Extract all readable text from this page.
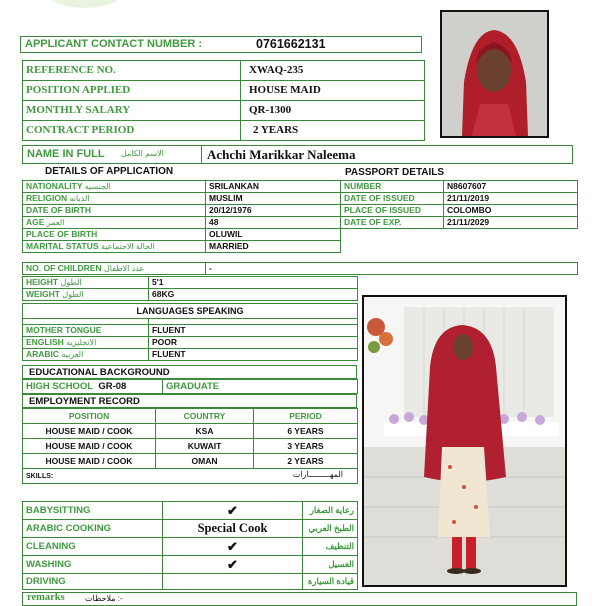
APPLICANT CONTACT NUMBER :	0761662131
REFERENCE NO.	XWAQ-235
POSITION APPLIED	HOUSE MAID
MONTHLY SALARY	QR-1300
CONTRACT PERIOD	2 YEARS
NAME IN FULL الاسم الكامل	Achchi Marikkar Naleema
DETAILS OF APPLICATION	PASSPORT DETAILS
NATIONALITY الجنسيه	SRILANKAN
RELIGION الديانه	MUSLIM
DATE OF BIRTH	20/12/1976
AGE العمر	48
PLACE OF BIRTH	OLUWIL
MARITAL STATUS الحالة الاجتماعية	MARRIED
NO. OF CHILDREN عدد الاطفال	-
HEIGHT الطول	5'1
WEIGHT الطول	68KG
NUMBER	N8607607
DATE OF ISSUED	21/11/2019
PLACE OF ISSUED	COLOMBO
DATE OF EXP.	21/11/2029
LANGUAGES SPEAKING	

MOTHER TONGUE	FLUENT
ENGLISH الانجليزيه	POOR
ARABIC العربيه	FLUENT
EDUCATIONAL BACKGROUND
HIGH SCHOOL GR-08	GRADUATE
EMPLOYMENT RECORD
POSITION	COUNTRY	PERIOD
HOUSE MAID / COOK	KSA	6 YEARS
HOUSE MAID / COOK	KUWAIT	3 YEARS
HOUSE MAID / COOK	OMAN	2 YEARS
SKILLS: المهـــــــــارات		
BABYSITTING	✔	رعاية الصغار
ARABIC COOKING	Special Cook	الطبخ العربي
CLEANING	✔	التنظيف
WASHING	✔	الغسيل
DRIVING		قيادة السيارة
remarks	ملاحظات :-
